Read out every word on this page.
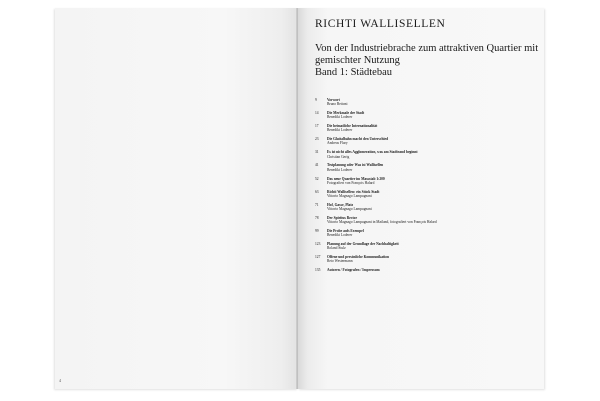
4
RICHTI WALLISELLEN
Von der Industriebrache zum attraktiven Quartier mit gemischter Nutzung
Band 1: Städtebau
9	Vorwort
Bruno Bettoni
14	Die Merkmale der Stadt
Benedikt Loderer
17	Die heimatliche Internationalität
Benedikt Loderer
23	Die Glattalbahn macht den Unterschied
Andreas Flury
31	Es ist nicht alles Agglomeration, was am Stadtrand beginnt
Christian Gerig
41	Testplanung oder Was ist Wallisellen
Benedikt Loderer
52	Das neue Quartier im Massstab 1:200
Fotografiert von François Halard
63	Richti Wallisellen: ein Stück Stadt
Vittorio Magnago Lampugnani
71	Hof, Gasse, Platz
Vittorio Magnago Lampugnani
78	Der Spiritus Rector
Vittorio Magnago Lampugnani in Mailand, fotografiert von François Halard
99	Die Probe aufs Exempel
Benedikt Loderer
123	Planung auf der Grundlage der Nachhaltigkeit
Roland Stulz
127	Offene und persönliche Kommunikation
Reto Westermann
135	Autoren / Fotografen / Impressum
